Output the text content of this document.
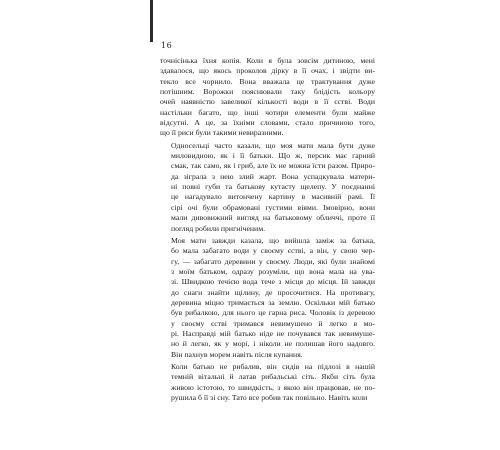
16

точнісінька їхня копія. Коли я була зовсім дитиною, мені
здавалося, що якось проколов дірку в її очах, і звідти ви-
текло все чорнило. Вона вважала це трактування дуже
потішним. Ворожки пояснювали таку блідість кольору
очей наявністю завеликої кількості води в її єстві. Води
настільки багато, що інші чотири елементи були майже
відсутні. А це, за їхніми словами, стало причиною того,
що її риси були такими невиразними.

Односельці часто казали, що моя мати мала бути дуже
миловидною, як і її батьки. Що ж, персик має гарний
смак, так само, як і гриб, але їх не можна їсти разом. Приро-
да зіграла з нею злий жарт. Вона успадкувала матери-
ні повні губи та батькову кутасту щелепу. У поєднанні
це нагадувало витончену картину в масивній рамі. Її
сірі очі були обрамовані густими вiями. Імовірно, вони
мали дивовижний вигляд на батьковому обличчі, проте її
погляд робили пригніченим.

Моя мати завжди казала, що вийшла заміж за батька,
бо мала забагато води у своєму єстві, а він, у свою чер-
гу, — забагато деревини у своєму. Люди, які були знайомі
з моїм батьком, одразу розуміли, що вона мала на ува-
зі. Швидкою течією вода тече з місця до місця. Ій завжди
до снаги знайти щілину, де просочитися. На противагу,
деревина міцно тримається за землю. Оскільки мій батько
був рибалкою, для нього це гарна риса. Чоловік із деревою
у своєму єстві тримався невимушено й легко в мо-
рі. Насправді мій батько ніде не почувався так невимуше-
но й легко, як у морі, і ніколи не полишав його надовго.
Він пахнув морем навіть після купання.

Коли батько не рибалив, він сидів на підлозі в нашій
темній вітальні й латав рибальські сіть. Якби сіть була
живою істотою, то швидкість, з якою він працював, не по-
рушила б її зі сну. Тато все робив так повільно. Навіть коли
